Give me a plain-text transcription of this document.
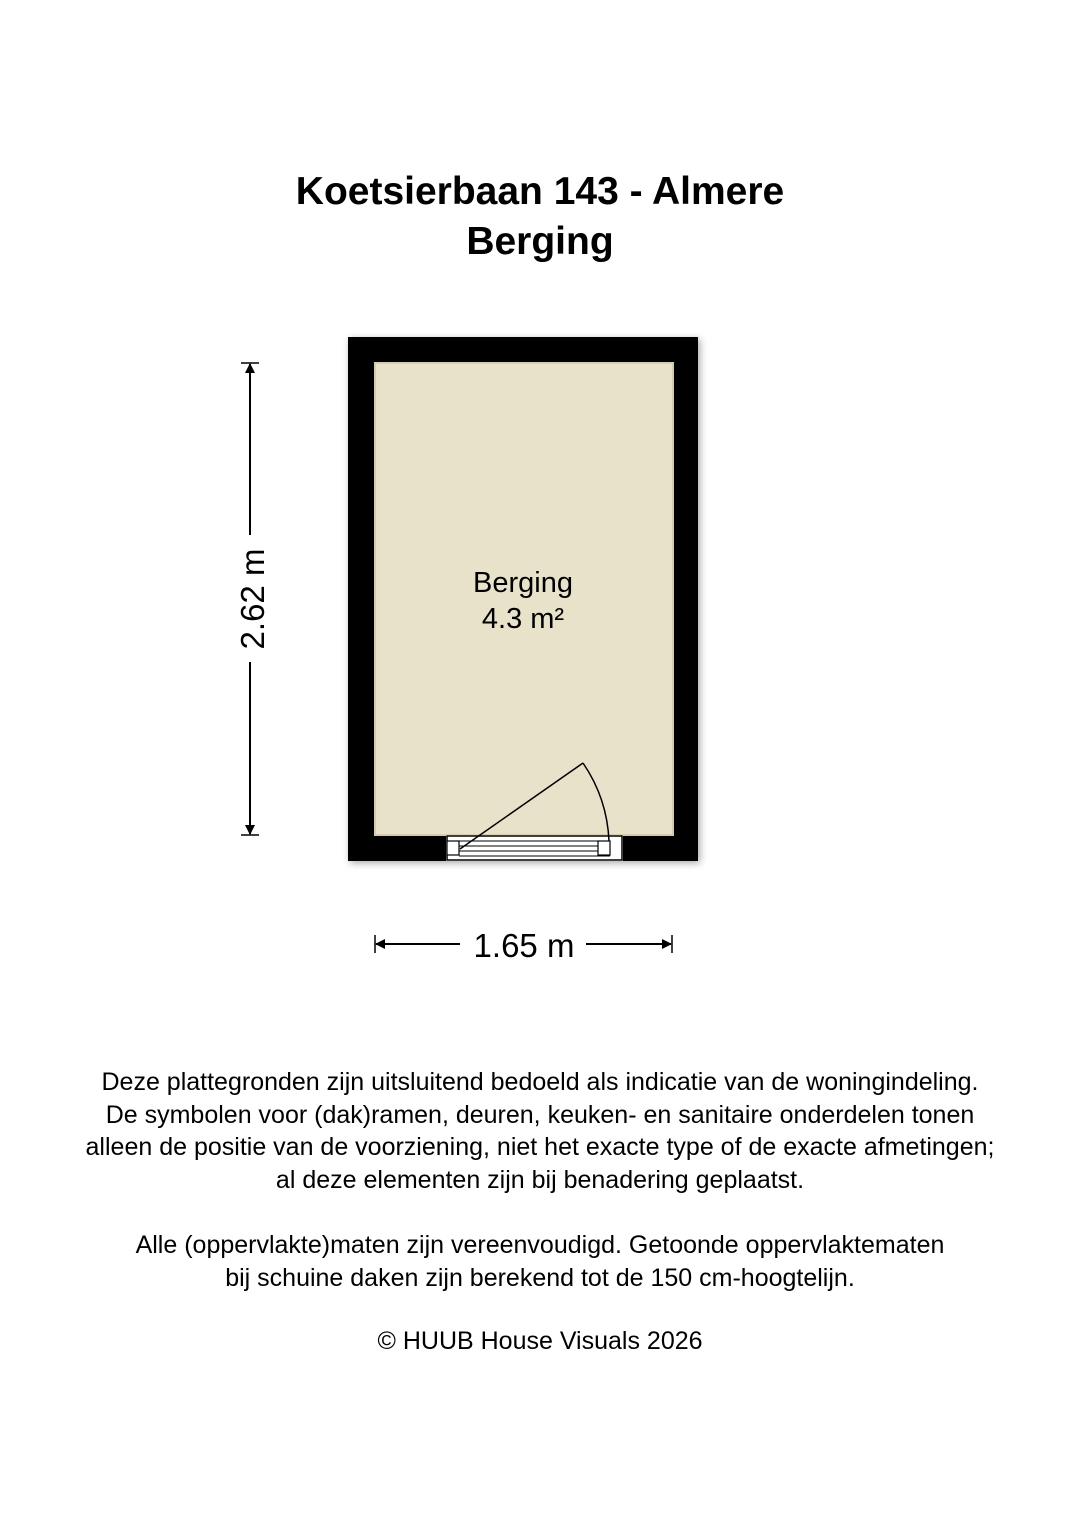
Koetsierbaan 143 - Almere
Berging
Berging
4.3 m²
2.62 m
1.65 m
Deze plattegronden zijn uitsluitend bedoeld als indicatie van de woningindeling.
De symbolen voor (dak)ramen, deuren, keuken- en sanitaire onderdelen tonen
alleen de positie van de voorziening, niet het exacte type of de exacte afmetingen;
al deze elementen zijn bij benadering geplaatst.
Alle (oppervlakte)maten zijn vereenvoudigd. Getoonde oppervlaktematen
bij schuine daken zijn berekend tot de 150 cm-hoogtelijn.
© HUUB House Visuals 2026
